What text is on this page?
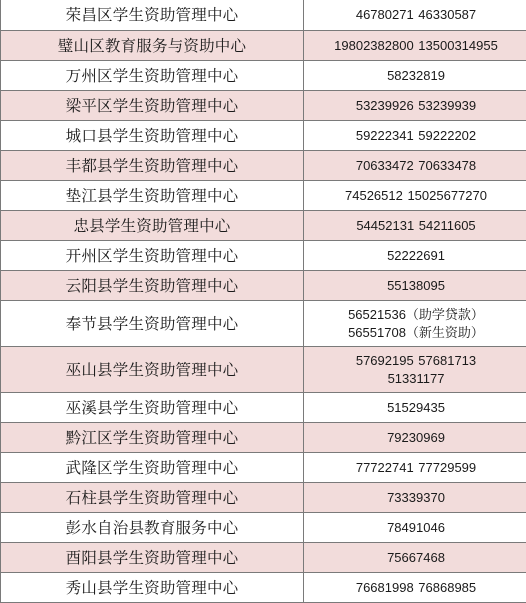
荣昌区学生资助管理中心	46780271 46330587

璧山区教育服务与资助中心	19802382800 13500314955

万州区学生资助管理中心	58232819

梁平区学生资助管理中心	53239926 53239939

城口县学生资助管理中心	59222341 59222202

丰都县学生资助管理中心	70633472 70633478

垫江县学生资助管理中心	74526512 15025677270

忠县学生资助管理中心	54452131 54211605

开州区学生资助管理中心	52222691

云阳县学生资助管理中心	55138095

奉节县学生资助管理中心	56521536（助学贷款）
56551708（新生资助）

巫山县学生资助管理中心	57692195 57681713
51331177

巫溪县学生资助管理中心	51529435

黔江区学生资助管理中心	79230969

武隆区学生资助管理中心	77722741 77729599

石柱县学生资助管理中心	73339370

彭水自治县教育服务中心	78491046

酉阳县学生资助管理中心	75667468

秀山县学生资助管理中心	76681998 76868985
